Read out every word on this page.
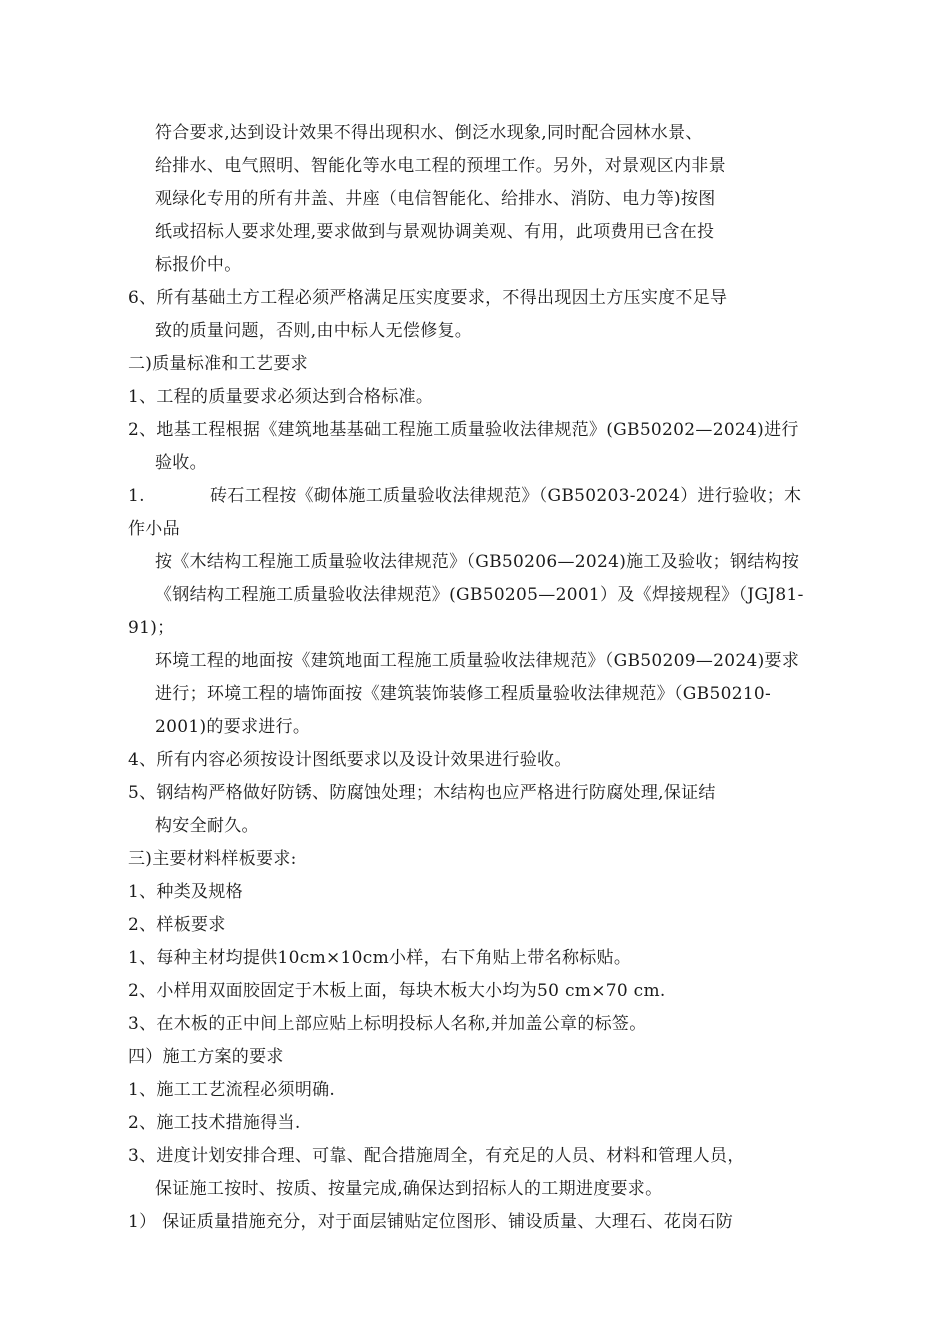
符合要求,达到设计效果不得出现积水、倒泛水现象,同时配合园林水景、
给排水、电气照明、智能化等水电工程的预埋工作。另外，对景观区内非景
观绿化专用的所有井盖、井座（电信智能化、给排水、消防、电力等)按图
纸或招标人要求处理,要求做到与景观协调美观、有用，此项费用已含在投
标报价中。
6、所有基础土方工程必须严格满足压实度要求，不得出现因土方压实度不足导
致的质量问题，否则,由中标人无偿修复。
二)质量标准和工艺要求
1、工程的质量要求必须达到合格标准。
2、地基工程根据《建筑地基基础工程施工质量验收法律规范》(GB50202—2024)进行
验收。
1.	砖石工程按《砌体施工质量验收法律规范》（GB50203-2024）进行验收；木
作小品
按《木结构工程施工质量验收法律规范》（GB50206—2024)施工及验收；钢结构按
《钢结构工程施工质量验收法律规范》(GB50205—2001）及《焊接规程》（JGJ81-
91)；
环境工程的地面按《建筑地面工程施工质量验收法律规范》（GB50209—2024)要求
进行；环境工程的墙饰面按《建筑装饰装修工程质量验收法律规范》（GB50210-
2001)的要求进行。
4、所有内容必须按设计图纸要求以及设计效果进行验收。
5、钢结构严格做好防锈、防腐蚀处理；木结构也应严格进行防腐处理,保证结
构安全耐久。
三)主要材料样板要求:
1、种类及规格
2、样板要求
1、每种主材均提供10cm×10cm小样，右下角贴上带名称标贴。
2、小样用双面胶固定于木板上面，每块木板大小均为50 cm×70 cm.
3、在木板的正中间上部应贴上标明投标人名称,并加盖公章的标签。
四）施工方案的要求
1、施工工艺流程必须明确.
2、施工技术措施得当.
3、进度计划安排合理、可靠、配合措施周全，有充足的人员、材料和管理人员，
保证施工按时、按质、按量完成,确保达到招标人的工期进度要求。
1） 保证质量措施充分，对于面层铺贴定位图形、铺设质量、大理石、花岗石防
